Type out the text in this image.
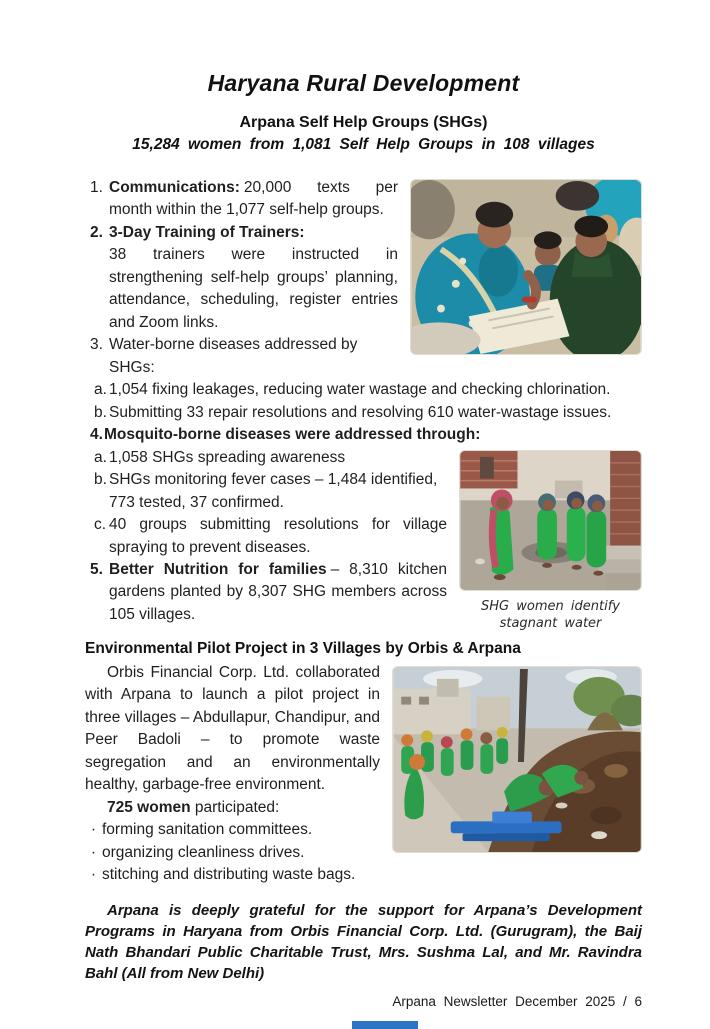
Haryana Rural Development
Arpana Self Help Groups (SHGs)
15,284 women from 1,081 Self Help Groups in 108 villages
1. Communications: 20,000 texts per month within the 1,077 self-help groups.
2. 3-Day Training of Trainers:
38 trainers were instructed in strengthening self-help groups’ planning, attendance, scheduling, register entries and Zoom links.
3. Water-borne diseases addressed by SHGs:
a. 1,054 fixing leakages, reducing water wastage and checking chlorination.
b. Submitting 33 repair resolutions and resolving 610 water-wastage issues.
4. Mosquito-borne diseases were addressed through:
SHG women identify
stagnant water
a. 1,058 SHGs spreading awareness
b. SHGs monitoring fever cases – 1,484 identified, 773 tested, 37 confirmed.
c. 40 groups submitting resolutions for village spraying to prevent diseases.
5. Better Nutrition for families – 8,310 kitchen gardens planted by 8,307 SHG members across 105 villages.
Environmental Pilot Project in 3 Villages by Orbis & Arpana
Orbis Financial Corp. Ltd. collaborated with Arpana to launch a pilot project in three villages – Abdullapur, Chandipur, and Peer Badoli – to promote waste segregation and an environmentally healthy, garbage-free environment.
725 women participated:
· forming sanitation committees.
· organizing cleanliness drives.
· stitching and distributing waste bags.
Arpana is deeply grateful for the support for Arpana’s Development Programs in Haryana from Orbis Financial Corp. Ltd. (Gurugram), the Baij Nath Bhandari Public Charitable Trust, Mrs. Sushma Lal, and Mr. Ravindra Bahl (All from New Delhi)
Arpana Newsletter December 2025 / 6
